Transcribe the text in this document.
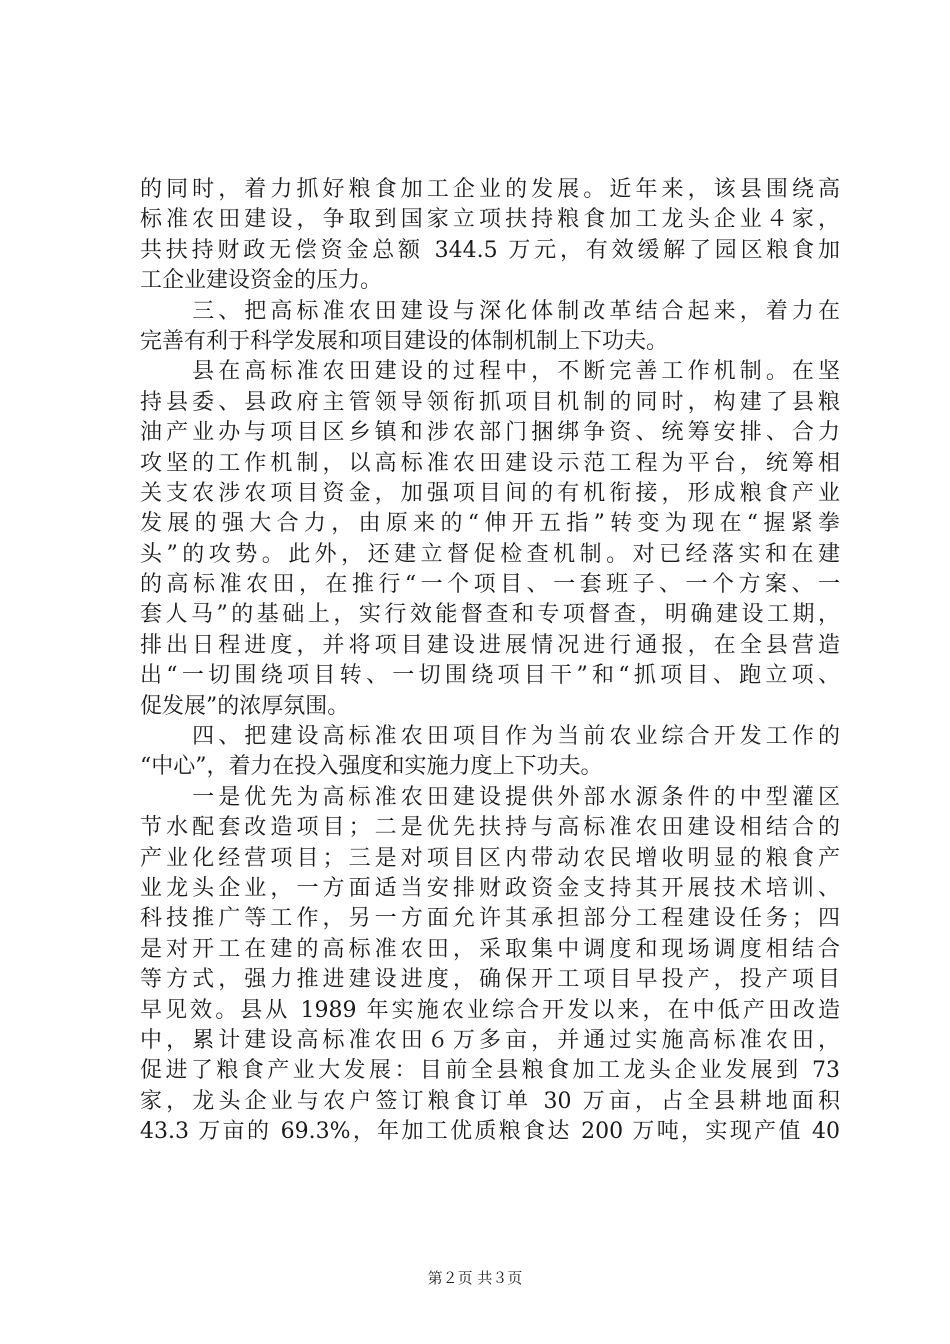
的同时，着力抓好粮食加工企业的发展。近年来，该县围绕高
标准农田建设，争取到国家立项扶持粮食加工龙头企业４家，
共扶持财政无偿资金总额 344.5 万元，有效缓解了园区粮食加
工企业建设资金的压力。
　　三、把高标准农田建设与深化体制改革结合起来，着力在
完善有利于科学发展和项目建设的体制机制上下功夫。
　　县在高标准农田建设的过程中，不断完善工作机制。在坚
持县委、县政府主管领导领衔抓项目机制的同时，构建了县粮
油产业办与项目区乡镇和涉农部门捆绑争资、统筹安排、合力
攻坚的工作机制，以高标准农田建设示范工程为平台，统筹相
关支农涉农项目资金，加强项目间的有机衔接，形成粮食产业
发展的强大合力，由原来的“伸开五指”转变为现在“握紧拳
头”的攻势。此外，还建立督促检查机制。对已经落实和在建
的高标准农田，在推行“一个项目、一套班子、一个方案、一
套人马”的基础上，实行效能督查和专项督查，明确建设工期，
排出日程进度，并将项目建设进展情况进行通报，在全县营造
出“一切围绕项目转、一切围绕项目干”和“抓项目、跑立项、
促发展”的浓厚氛围。
　　四、把建设高标准农田项目作为当前农业综合开发工作的
“中心”，着力在投入强度和实施力度上下功夫。
　　一是优先为高标准农田建设提供外部水源条件的中型灌区
节水配套改造项目；二是优先扶持与高标准农田建设相结合的
产业化经营项目；三是对项目区内带动农民增收明显的粮食产
业龙头企业，一方面适当安排财政资金支持其开展技术培训、
科技推广等工作，另一方面允许其承担部分工程建设任务；四
是对开工在建的高标准农田，采取集中调度和现场调度相结合
等方式，强力推进建设进度，确保开工项目早投产，投产项目
早见效。县从 1989 年实施农业综合开发以来，在中低产田改造
中，累计建设高标准农田６万多亩，并通过实施高标准农田，
促进了粮食产业大发展：目前全县粮食加工龙头企业发展到 73
家，龙头企业与农户签订粮食订单 30 万亩，占全县耕地面积
43.3 万亩的 69.3%，年加工优质粮食达 200 万吨，实现产值 40
第２页 共３页
